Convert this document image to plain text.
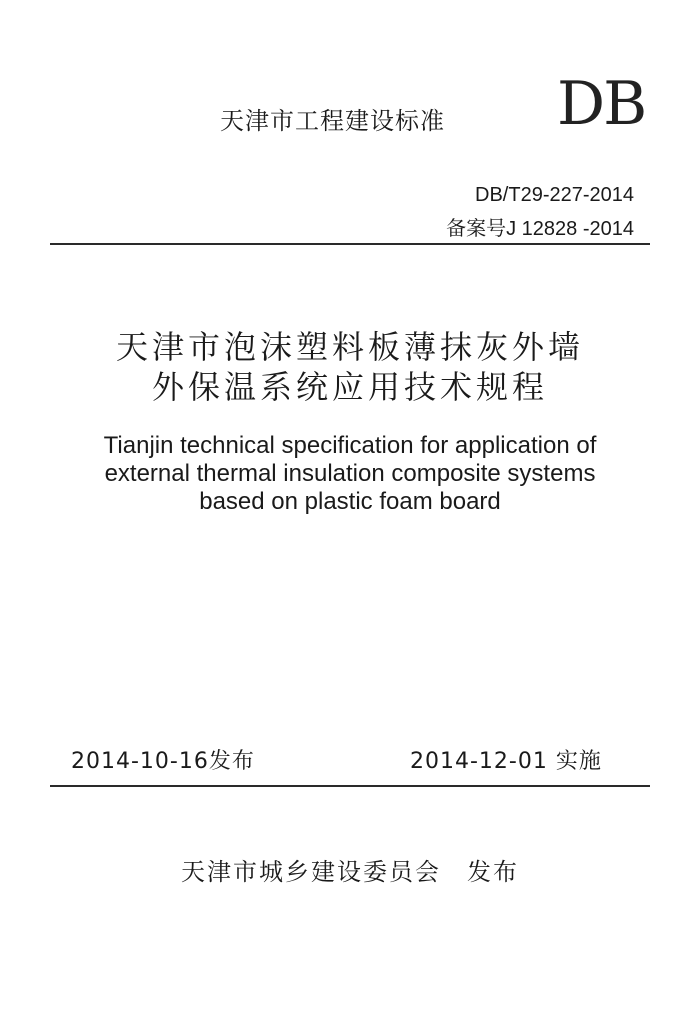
天津市工程建设标准 DB
DB/T29-227-2014
备案号J 12828 -2014
天津市泡沫塑料板薄抹灰外墙
外保温系统应用技术规程
Tianjin technical specification for application of
external thermal insulation composite systems
based on plastic foam board
2014-10-16发布	2014-12-01 实施
天津市城乡建设委员会　发布
